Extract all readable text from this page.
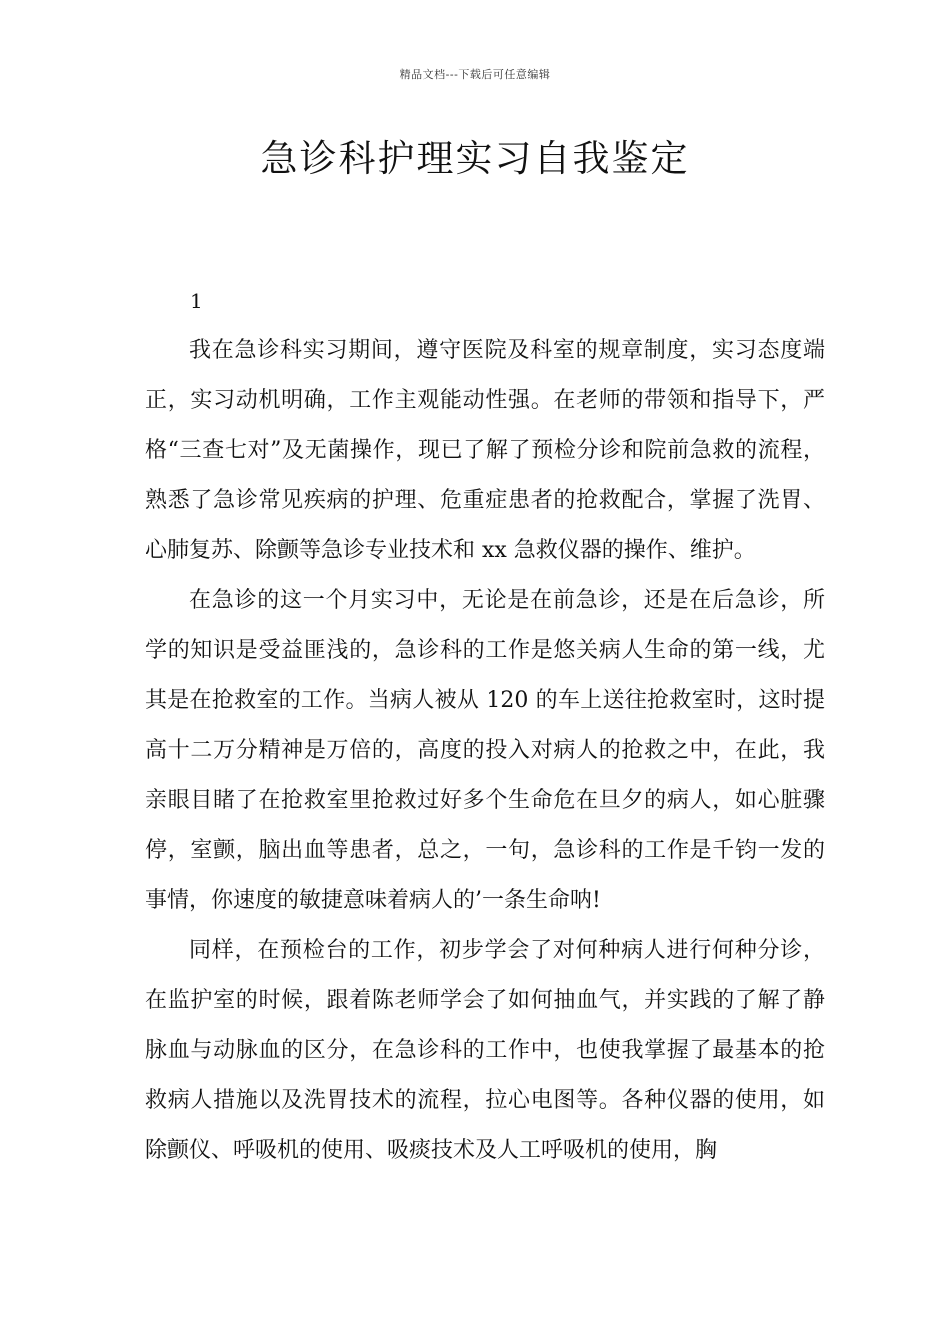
精品文档---下载后可任意编辑
急诊科护理实习自我鉴定
1

我在急诊科实习期间，遵守医院及科室的规章制度，实习态度端正，实习动机明确，工作主观能动性强。在老师的带领和指导下，严格“三查七对”及无菌操作，现已了解了预检分诊和院前急救的流程，熟悉了急诊常见疾病的护理、危重症患者的抢救配合，掌握了洗胃、心肺复苏、除颤等急诊专业技术和 xx 急救仪器的操作、维护。

在急诊的这一个月实习中，无论是在前急诊，还是在后急诊，所学的知识是受益匪浅的，急诊科的工作是悠关病人生命的第一线，尤其是在抢救室的工作。当病人被从 120 的车上送往抢救室时，这时提高十二万分精神是万倍的，高度的投入对病人的抢救之中，在此，我亲眼目睹了在抢救室里抢救过好多个生命危在旦夕的病人，如心脏骤停，室颤，脑出血等患者，总之，一句，急诊科的工作是千钧一发的事情，你速度的敏捷意味着病人的’一条生命呐!

同样，在预检台的工作，初步学会了对何种病人进行何种分诊，在监护室的时候，跟着陈老师学会了如何抽血气，并实践的了解了静脉血与动脉血的区分，在急诊科的工作中，也使我掌握了最基本的抢救病人措施以及洗胃技术的流程，拉心电图等。各种仪器的使用，如除颤仪、呼吸机的使用、吸痰技术及人工呼吸机的使用，胸
